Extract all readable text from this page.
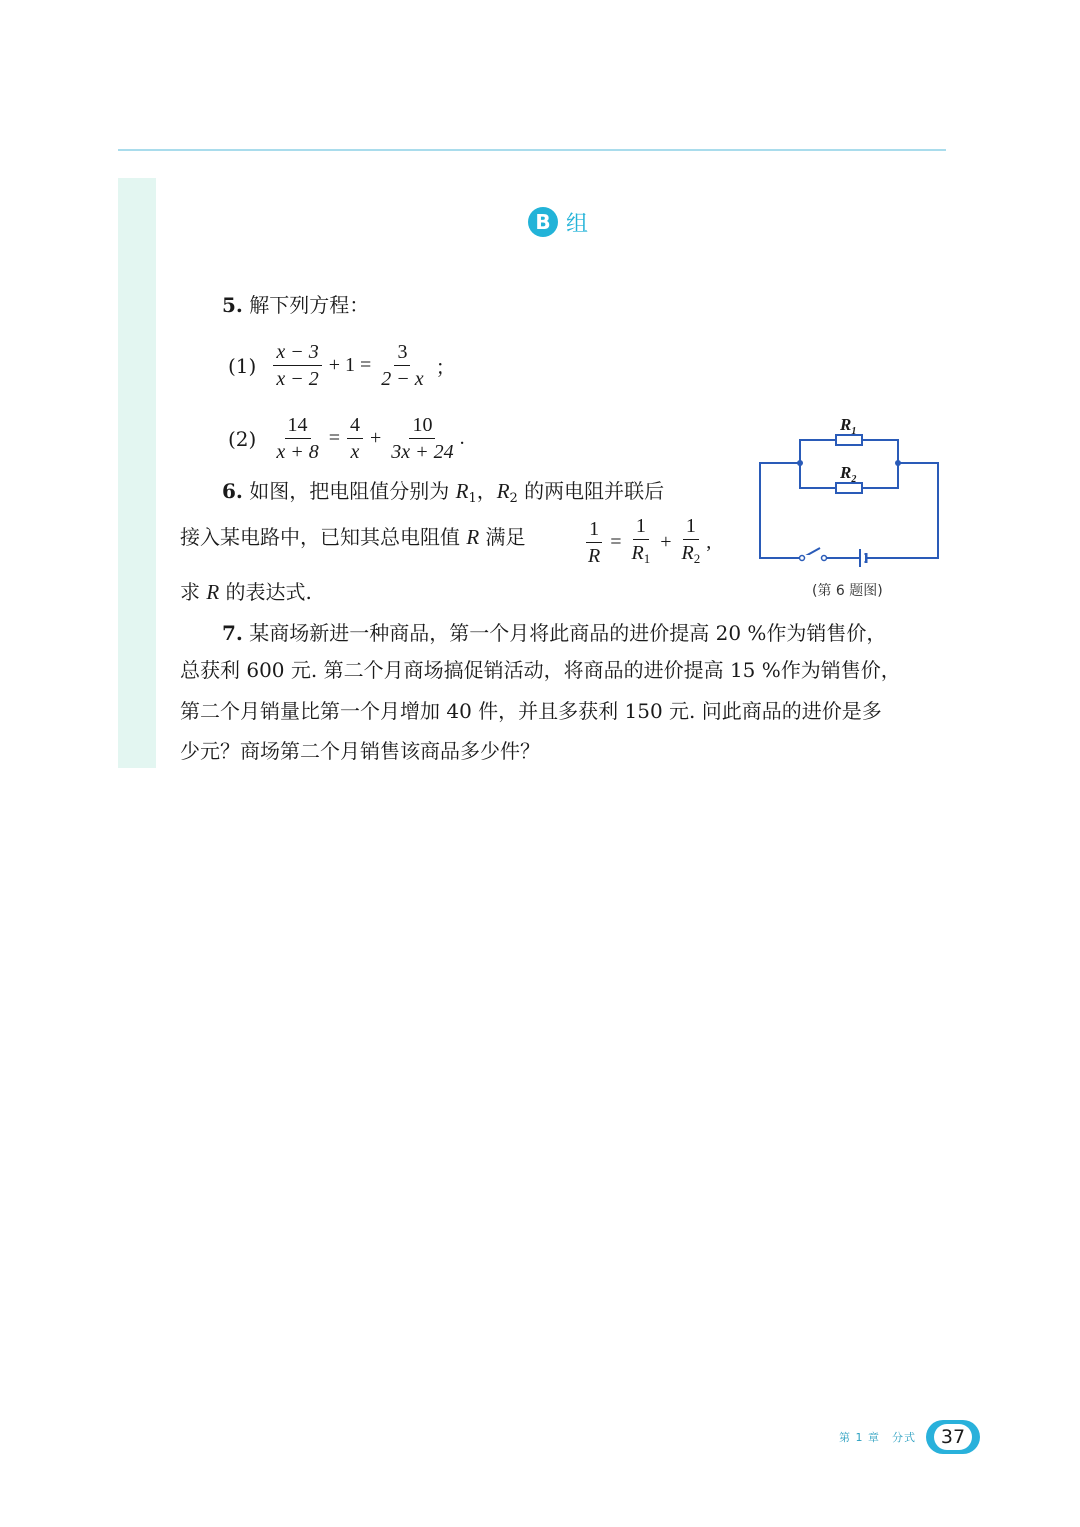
B 组
5. 解下列方程：
$(1) \frac{x - 3}{x - 2} + 1 = \frac{3}{2 - x}$ ；
$(2) \frac{14}{x + 8} = \frac{4}{x} + \frac{10}{3x + 24}$ .
6. 如图，把电阻值分别为 $R_1$，$R_2$ 的两电阻并联后
接入某电路中，已知其总电阻值 R 满足	$\frac{1}{R} = \frac{1}{R_1} + \frac{1}{R_2}$ ,
求 R 的表达式.
$R_1$
$R_2$
(第 6 题图)
7. 某商场新进一种商品，第一个月将此商品的进价提高 20 %作为销售价，
总获利 600 元. 第二个月商场搞促销活动，将商品的进价提高 15 %作为销售价，
第二个月销量比第一个月增加 40 件，并且多获利 150 元. 问此商品的进价是多
少元？商场第二个月销售该商品多少件？
第 1 章　分式	37
